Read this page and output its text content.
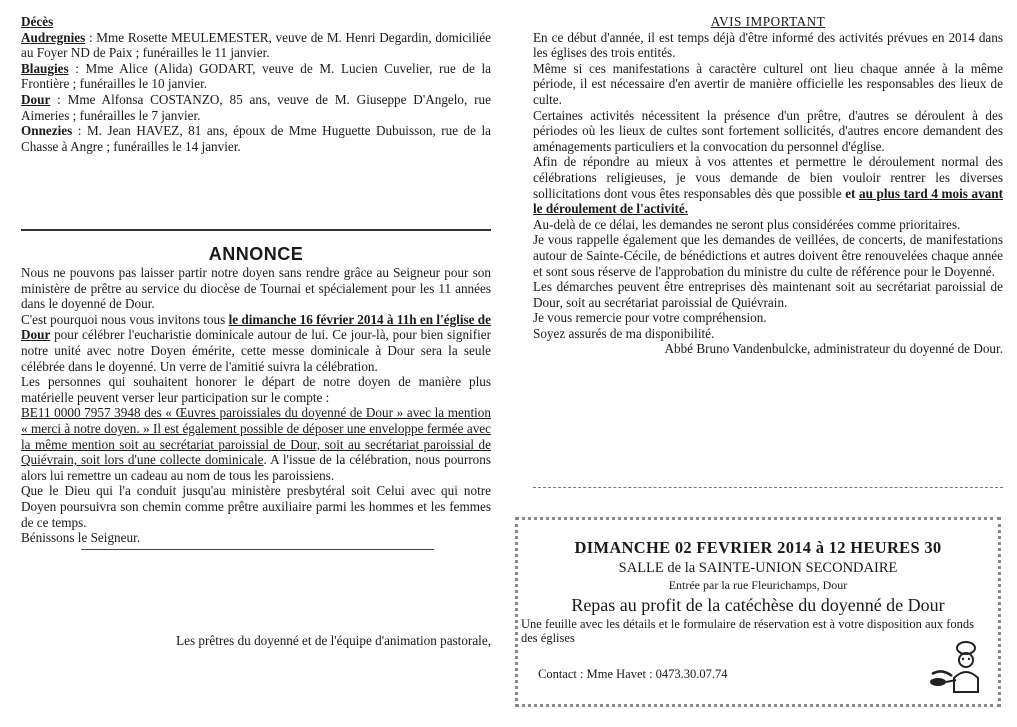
Décès

Audregnies : Mme Rosette MEULEMESTER, veuve de M. Henri Degardin, domiciliée au Foyer ND de Paix ; funérailles le 11 janvier.

Blaugies : Mme Alice (Alida) GODART, veuve de M. Lucien Cuvelier, rue de la Frontière ; funérailles le 10 janvier.

Dour : Mme Alfonsa COSTANZO, 85 ans, veuve de M. Giuseppe D'Angelo, rue Aimeries ; funérailles le 7 janvier.

Onnezies : M. Jean HAVEZ, 81 ans, époux de Mme Huguette Dubuisson, rue de la Chasse à Angre ; funérailles le 14 janvier.

ANNONCE

Nous ne pouvons pas laisser partir notre doyen sans rendre grâce au Seigneur pour son ministère de prêtre au service du diocèse de Tournai et spécialement pour les 11 années dans le doyenné de Dour.

C'est pourquoi nous vous invitons tous le dimanche 16 février 2014 à 11h en l'église de Dour pour célébrer l'eucharistie dominicale autour de lui. Ce jour-là, pour bien signifier notre unité avec notre Doyen émérite, cette messe dominicale à Dour sera la seule célébrée dans le doyenné. Un verre de l'amitié suivra la célébration.

Les personnes qui souhaitent honorer le départ de notre doyen de manière plus matérielle peuvent verser leur participation sur le compte :

BE11 0000 7957 3948 des « Œuvres paroissiales du doyenné de Dour » avec la mention « merci à notre doyen. » Il est également possible de déposer une enveloppe fermée avec la même mention soit au secrétariat paroissial de Dour, soit au secrétariat paroissial de Quiévrain, soit lors d'une collecte dominicale. A l'issue de la célébration, nous pourrons alors lui remettre un cadeau au nom de tous les paroissiens.

Que le Dieu qui l'a conduit jusqu'au ministère presbytéral soit Celui avec qui notre Doyen poursuivra son chemin comme prêtre auxiliaire parmi les hommes et les femmes de ce temps.

Bénissons le Seigneur.

Les prêtres du doyenné et de l'équipe d'animation pastorale,

AVIS IMPORTANT

En ce début d'année, il est temps déjà d'être informé des activités prévues en 2014 dans les églises des trois entités.

Même si ces manifestations à caractère culturel ont lieu chaque année à la même période, il est nécessaire d'en avertir de manière officielle les responsables des lieux de culte.

Certaines activités nécessitent la présence d'un prêtre, d'autres se déroulent à des périodes où les lieux de cultes sont fortement sollicités, d'autres encore demandent des aménagements particuliers et la convocation du personnel d'église.

Afin de répondre au mieux à vos attentes et permettre le déroulement normal des célébrations religieuses, je vous demande de bien vouloir rentrer les diverses sollicitations dont vous êtes responsables dès que possible et au plus tard 4 mois avant le déroulement de l'activité.

Au-delà de ce délai, les demandes ne seront plus considérées comme prioritaires.

Je vous rappelle également que les demandes de veillées, de concerts, de manifestations autour de Sainte-Cécile, de bénédictions et autres doivent être renouvelées chaque année et sont sous réserve de l'approbation du ministre du culte de référence pour le Doyenné.

Les démarches peuvent être entreprises dès maintenant soit au secrétariat paroissial de Dour, soit au secrétariat paroissial de Quiévrain.

Je vous remercie pour votre compréhension.

Soyez assurés de ma disponibilité.

Abbé Bruno Vandenbulcke, administrateur du doyenné de Dour.

DIMANCHE 02 FEVRIER 2014 à 12 HEURES 30
SALLE de la SAINTE-UNION SECONDAIRE
Entrée par la rue Fleurichamps, Dour
Repas au profit de la catéchèse du doyenné de Dour
Une feuille avec les détails et le formulaire de réservation est à votre disposition aux fonds des églises
Contact : Mme Havet : 0473.30.07.74
